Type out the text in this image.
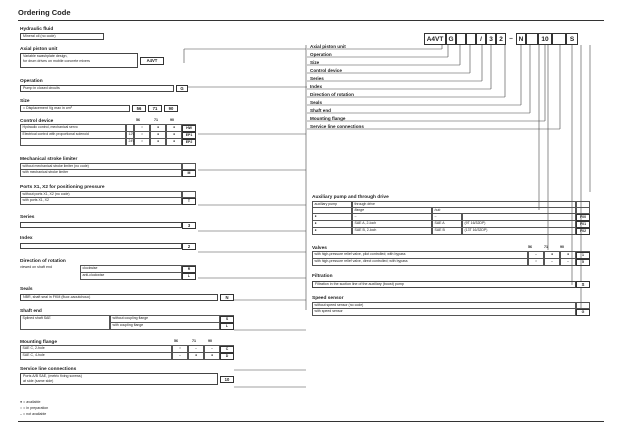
Ordering Code
A4VT G	/	3 2 – N	10	S
Axial piston unit
Operation
Size
Control device
Series
Index
Direction of rotation
Seals
Shaft end
Mounting flange
Service line connections
Hydraulic fluid
Mineral oil (no code)
Axial piston unit
Variable swashplate design,
for drum drives on mobile concrete mixers	A4VT
Operation
Pump in closed circuits	G
Size
= Displacement Vg max in cm³	56	71	90
Control device	56	71	90
Hydraulic control, mechanical servo	○	●	●	HW
Electrical control with proportional solenoid	12V	○	●	●	EP1
24V	○	●	●	EP2
Mechanical stroke limiter
without mechanical stroke limiter (no code)
with mechanical stroke limiter	M
Ports X1, X2 for positioning pressure
without ports X1, X2 (no code)
with ports X1, X2	T
Series
3
Index
2
Direction of rotation
viewed on shaft end	clockwise	R
anti-clockwise	L
Seals
NBR, shaft seal in FKM (fluor-caoutchouc)	N
Shaft end
Splined shaft SAE	without coupling flange	S
with coupling flange	L
Mounting flange	56	71	90
SAE C, 2-hole	○	–	–	C
SAE C, 4-hole	–	●	●	D
Service line connections
Ports A/B SAE, (metric fixing screws)
at side (same side)	10
● = available
○ = in preparation
– = not available
Auxiliary pump and through drive
auxiliary pump	through drive
flange	hub
●	–	–	F00
●	SAE A, 2-loch	SAE A	(9T 16/32DP)	F01
●	SAE B, 2-loch	SAE B	(13T 16/32DP)	F02
Valves	56	71	90
with high-pressure relief valve, pilot controlled; with bypass	–	●	●	1
with high-pressure relief valve, direct controlled; with bypass	○	–	–	5
Filtration
Filtration in the suction line of the auxiliary (boost) pump	S
Speed sensor
without speed sensor (no code)
with speed sensor	G
